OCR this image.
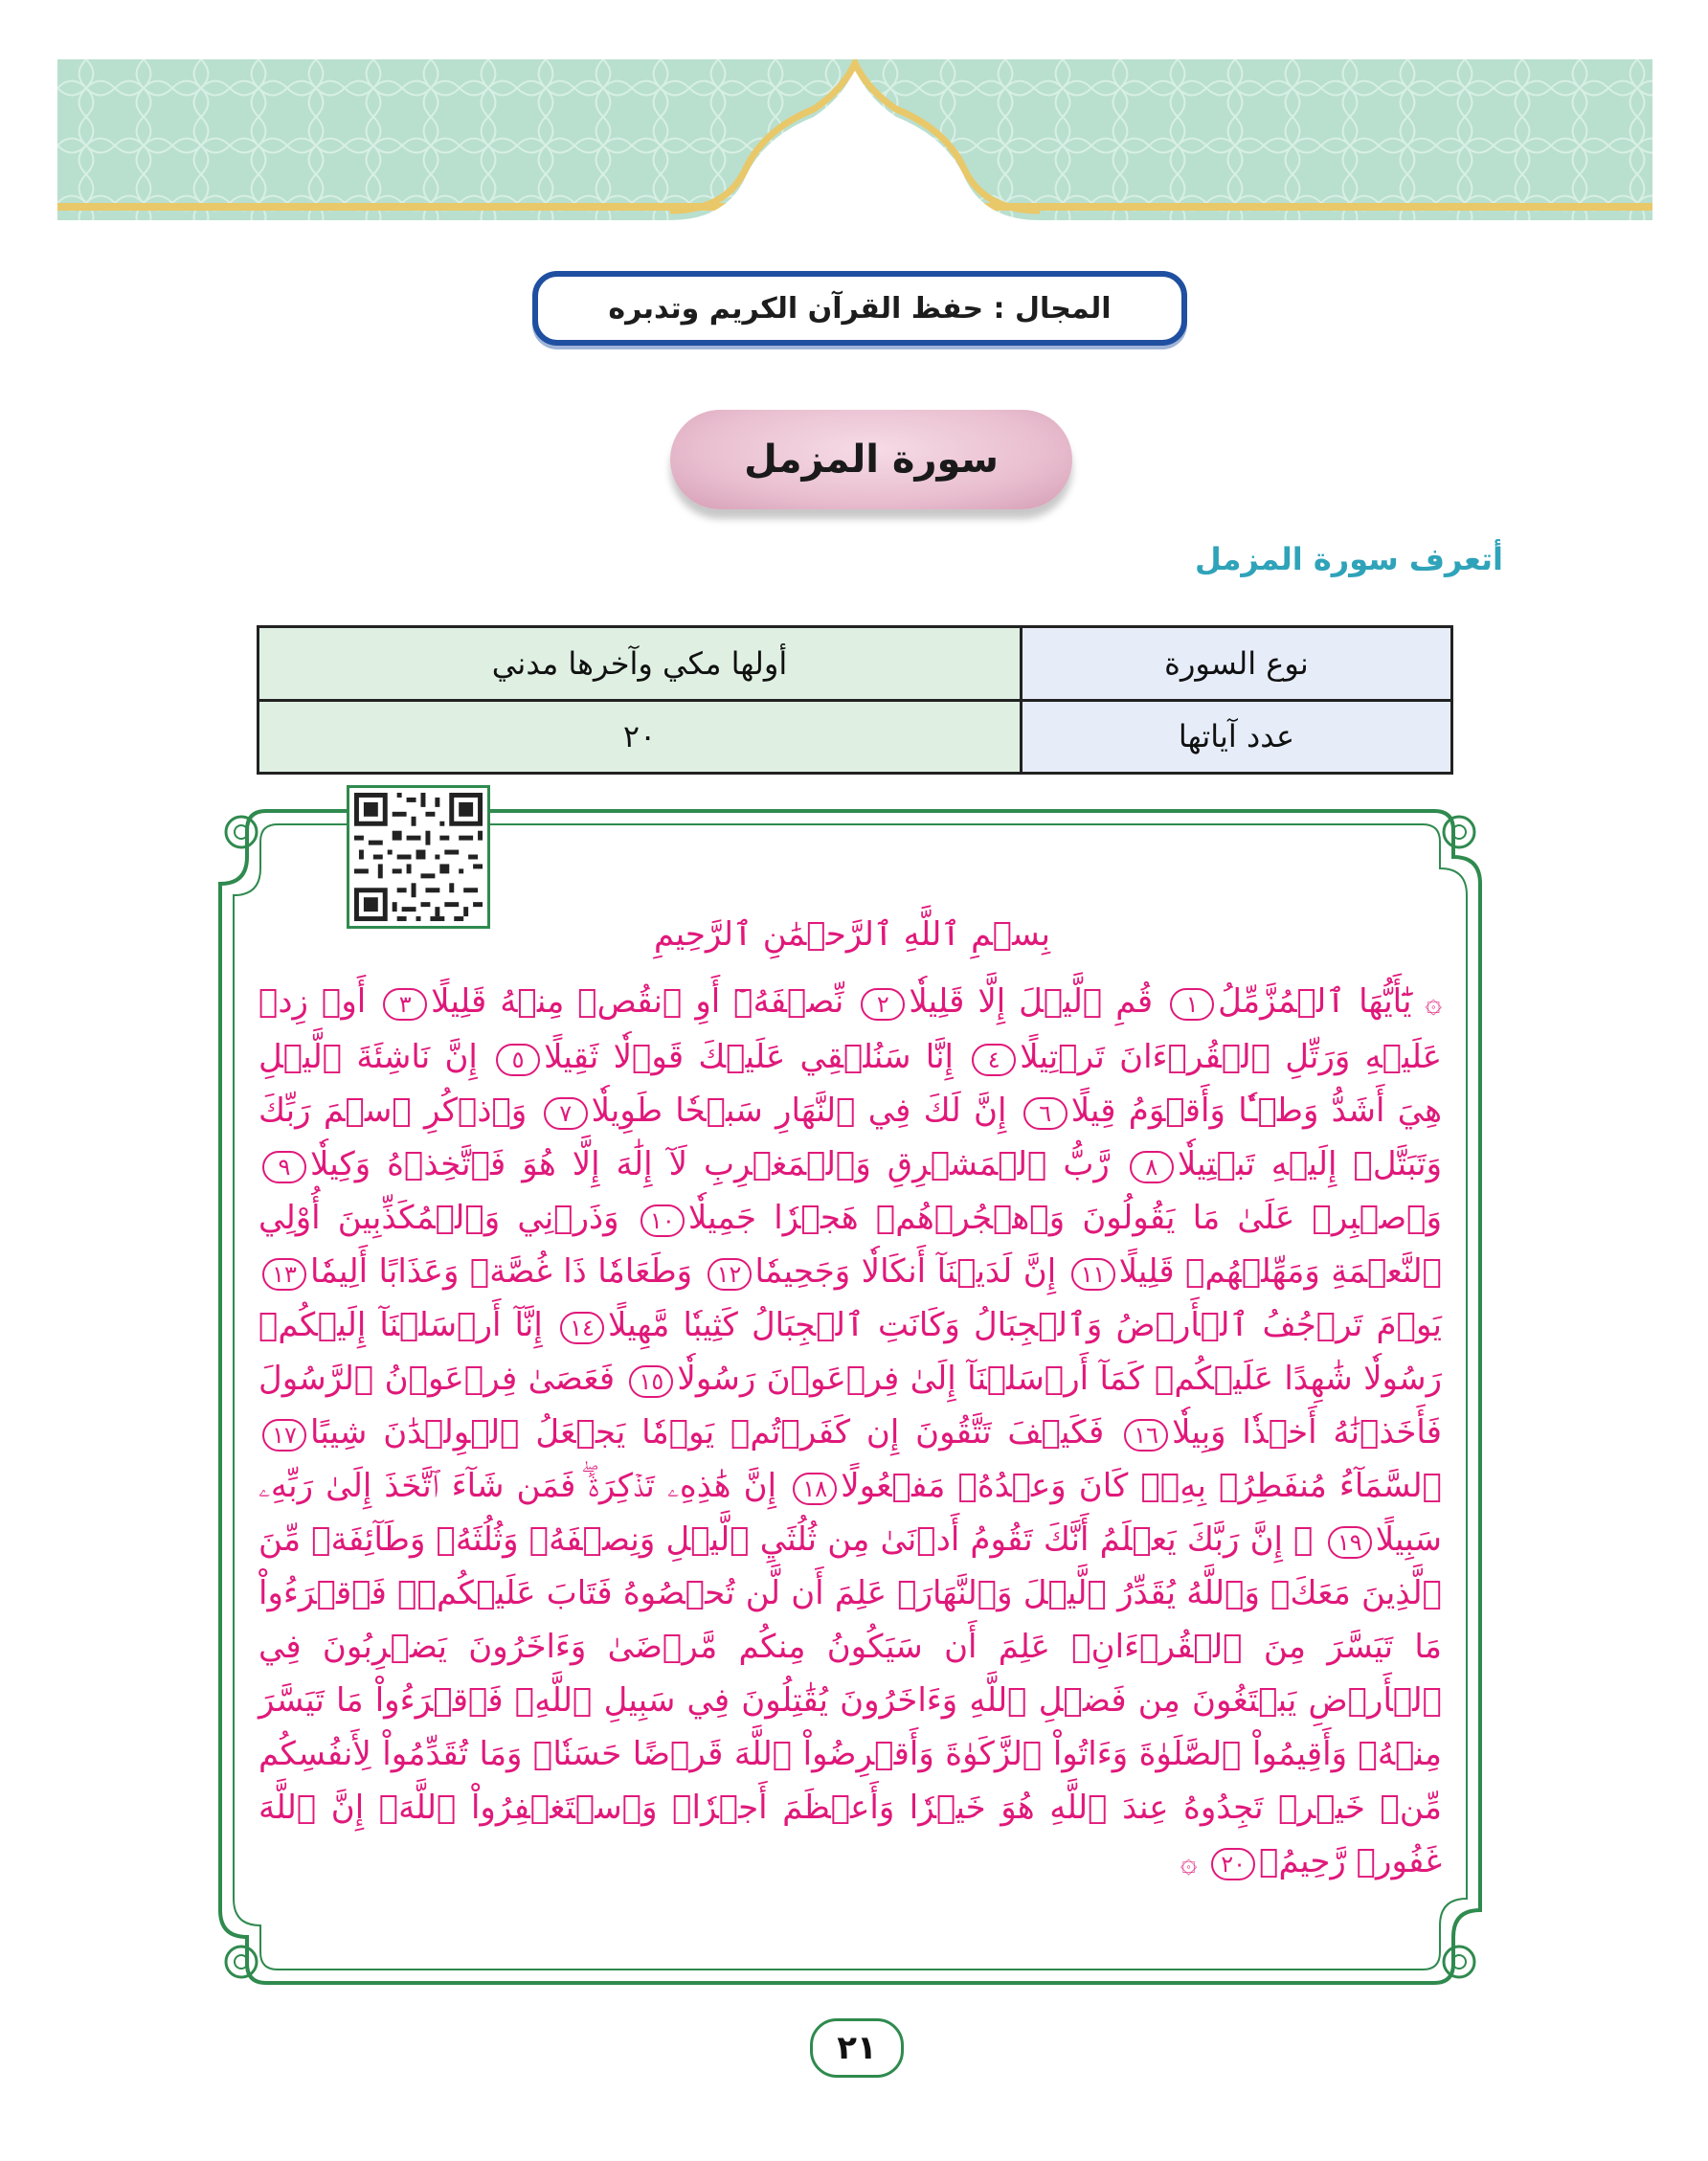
المجال : حفظ القرآن الكريم وتدبره
سورة المزمل
أتعرف سورة المزمل
نوع السورة	أولها مكي وآخرها مدني
عدد آياتها	٢٠
بِسۡمِ ٱللَّهِ ٱلرَّحۡمَٰنِ ٱلرَّحِيمِ
۞ يَٰٓأَيُّهَا ٱلۡمُزَّمِّلُ١ قُمِ ٱلَّيۡلَ إِلَّا قَلِيلٗا٢ نِّصۡفَهُۥٓ أَوِ ٱنقُصۡ مِنۡهُ قَلِيلًا٣ أَوۡ زِدۡ عَلَيۡهِ وَرَتِّلِ ٱلۡقُرۡءَانَ تَرۡتِيلًا٤ إِنَّا سَنُلۡقِي عَلَيۡكَ قَوۡلٗا ثَقِيلًا٥ إِنَّ نَاشِئَةَ ٱلَّيۡلِ هِيَ أَشَدُّ وَطۡـٔٗا وَأَقۡوَمُ قِيلًا٦ إِنَّ لَكَ فِي ٱلنَّهَارِ سَبۡحٗا طَوِيلٗا٧ وَٱذۡكُرِ ٱسۡمَ رَبِّكَ وَتَبَتَّلۡ إِلَيۡهِ تَبۡتِيلٗا٨ رَّبُّ ٱلۡمَشۡرِقِ وَٱلۡمَغۡرِبِ لَآ إِلَٰهَ إِلَّا هُوَ فَٱتَّخِذۡهُ وَكِيلٗا٩ وَٱصۡبِرۡ عَلَىٰ مَا يَقُولُونَ وَٱهۡجُرۡهُمۡ هَجۡرٗا جَمِيلٗا١٠ وَذَرۡنِي وَٱلۡمُكَذِّبِينَ أُوْلِي ٱلنَّعۡمَةِ وَمَهِّلۡهُمۡ قَلِيلًا١١ إِنَّ لَدَيۡنَآ أَنكَالٗا وَجَحِيمٗا١٢ وَطَعَامٗا ذَا غُصَّةٖ وَعَذَابًا أَلِيمٗا١٣ يَوۡمَ تَرۡجُفُ ٱلۡأَرۡضُ وَٱلۡجِبَالُ وَكَانَتِ ٱلۡجِبَالُ كَثِيبٗا مَّهِيلًا١٤ إِنَّآ أَرۡسَلۡنَآ إِلَيۡكُمۡ رَسُولٗا شَٰهِدًا عَلَيۡكُمۡ كَمَآ أَرۡسَلۡنَآ إِلَىٰ فِرۡعَوۡنَ رَسُولٗا١٥ فَعَصَىٰ فِرۡعَوۡنُ ٱلرَّسُولَ فَأَخَذۡنَٰهُ أَخۡذٗا وَبِيلٗا١٦ فَكَيۡفَ تَتَّقُونَ إِن كَفَرۡتُمۡ يَوۡمٗا يَجۡعَلُ ٱلۡوِلۡدَٰنَ شِيبًا١٧ ٱلسَّمَآءُ مُنفَطِرُۢ بِهِۦۚ كَانَ وَعۡدُهُۥ مَفۡعُولًا١٨ إِنَّ هَٰذِهِۦ تَذۡكِرَةٞۖ فَمَن شَآءَ ٱتَّخَذَ إِلَىٰ رَبِّهِۦ سَبِيلًا١٩ ۞ إِنَّ رَبَّكَ يَعۡلَمُ أَنَّكَ تَقُومُ أَدۡنَىٰ مِن ثُلُثَيِ ٱلَّيۡلِ وَنِصۡفَهُۥ وَثُلُثَهُۥ وَطَآئِفَةٞ مِّنَ ٱلَّذِينَ مَعَكَۚ وَٱللَّهُ يُقَدِّرُ ٱلَّيۡلَ وَٱلنَّهَارَۚ عَلِمَ أَن لَّن تُحۡصُوهُ فَتَابَ عَلَيۡكُمۡۖ فَٱقۡرَءُواْ مَا تَيَسَّرَ مِنَ ٱلۡقُرۡءَانِۚ عَلِمَ أَن سَيَكُونُ مِنكُم مَّرۡضَىٰ وَءَاخَرُونَ يَضۡرِبُونَ فِي ٱلۡأَرۡضِ يَبۡتَغُونَ مِن فَضۡلِ ٱللَّهِ وَءَاخَرُونَ يُقَٰتِلُونَ فِي سَبِيلِ ٱللَّهِۖ فَٱقۡرَءُواْ مَا تَيَسَّرَ مِنۡهُۚ وَأَقِيمُواْ ٱلصَّلَوٰةَ وَءَاتُواْ ٱلزَّكَوٰةَ وَأَقۡرِضُواْ ٱللَّهَ قَرۡضًا حَسَنٗاۚ وَمَا تُقَدِّمُواْ لِأَنفُسِكُم مِّنۡ خَيۡرٖ تَجِدُوهُ عِندَ ٱللَّهِ هُوَ خَيۡرٗا وَأَعۡظَمَ أَجۡرٗاۚ وَٱسۡتَغۡفِرُواْ ٱللَّهَۖ إِنَّ ٱللَّهَ غَفُورٞ رَّحِيمُۢ٢٠ ۞
٢١
